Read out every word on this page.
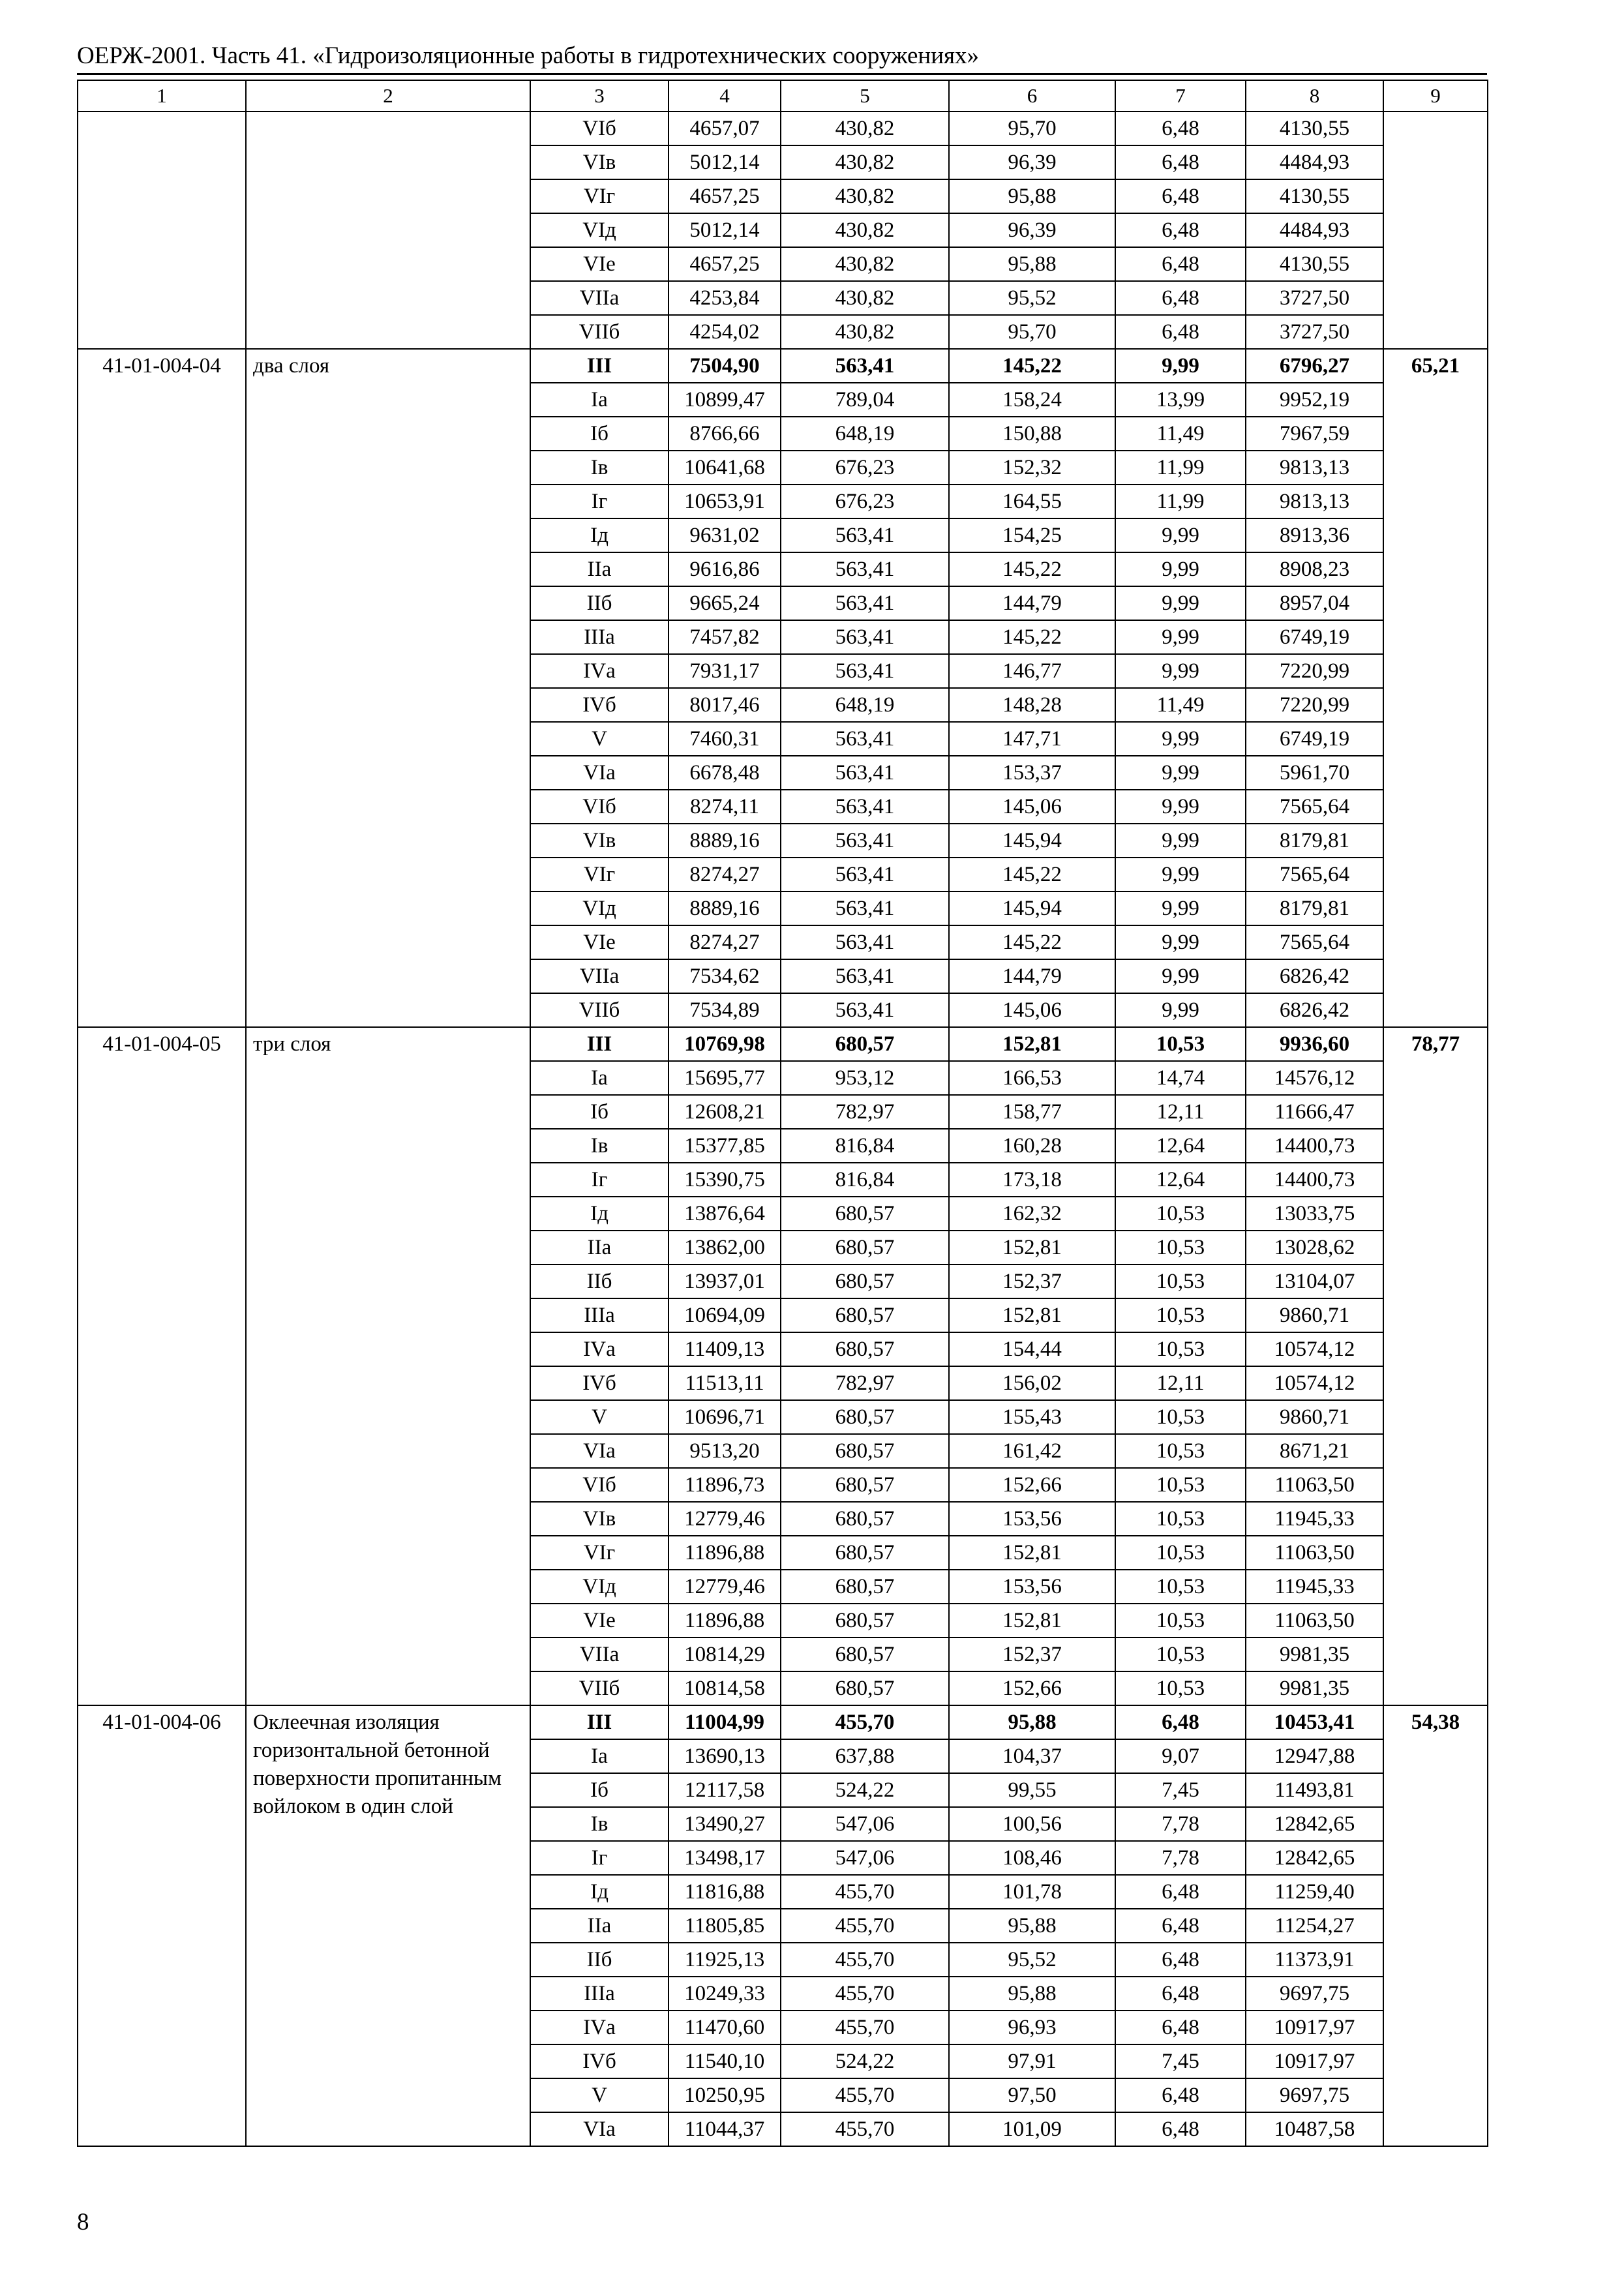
ОЕРЖ-2001. Часть 41. «Гидроизоляционные работы в гидротехнических сооружениях»
1	2	3	4	5	6	7	8	9
		VIб	4657,07	430,82	95,70	6,48	4130,55	
		VIв	5012,14	430,82	96,39	6,48	4484,93	
		VIг	4657,25	430,82	95,88	6,48	4130,55	
		VIд	5012,14	430,82	96,39	6,48	4484,93	
		VIе	4657,25	430,82	95,88	6,48	4130,55	
		VIIа	4253,84	430,82	95,52	6,48	3727,50	
		VIIб	4254,02	430,82	95,70	6,48	3727,50	
41-01-004-04	два слоя	III	7504,90	563,41	145,22	9,99	6796,27	65,21
		Iа	10899,47	789,04	158,24	13,99	9952,19	
		Iб	8766,66	648,19	150,88	11,49	7967,59	
		Iв	10641,68	676,23	152,32	11,99	9813,13	
		Iг	10653,91	676,23	164,55	11,99	9813,13	
		Iд	9631,02	563,41	154,25	9,99	8913,36	
		IIа	9616,86	563,41	145,22	9,99	8908,23	
		IIб	9665,24	563,41	144,79	9,99	8957,04	
		IIIа	7457,82	563,41	145,22	9,99	6749,19	
		IVа	7931,17	563,41	146,77	9,99	7220,99	
		IVб	8017,46	648,19	148,28	11,49	7220,99	
		V	7460,31	563,41	147,71	9,99	6749,19	
		VIа	6678,48	563,41	153,37	9,99	5961,70	
		VIб	8274,11	563,41	145,06	9,99	7565,64	
		VIв	8889,16	563,41	145,94	9,99	8179,81	
		VIг	8274,27	563,41	145,22	9,99	7565,64	
		VIд	8889,16	563,41	145,94	9,99	8179,81	
		VIе	8274,27	563,41	145,22	9,99	7565,64	
		VIIа	7534,62	563,41	144,79	9,99	6826,42	
		VIIб	7534,89	563,41	145,06	9,99	6826,42	
41-01-004-05	три слоя	III	10769,98	680,57	152,81	10,53	9936,60	78,77
		Iа	15695,77	953,12	166,53	14,74	14576,12	
		Iб	12608,21	782,97	158,77	12,11	11666,47	
		Iв	15377,85	816,84	160,28	12,64	14400,73	
		Iг	15390,75	816,84	173,18	12,64	14400,73	
		Iд	13876,64	680,57	162,32	10,53	13033,75	
		IIа	13862,00	680,57	152,81	10,53	13028,62	
		IIб	13937,01	680,57	152,37	10,53	13104,07	
		IIIа	10694,09	680,57	152,81	10,53	9860,71	
		IVа	11409,13	680,57	154,44	10,53	10574,12	
		IVб	11513,11	782,97	156,02	12,11	10574,12	
		V	10696,71	680,57	155,43	10,53	9860,71	
		VIа	9513,20	680,57	161,42	10,53	8671,21	
		VIб	11896,73	680,57	152,66	10,53	11063,50	
		VIв	12779,46	680,57	153,56	10,53	11945,33	
		VIг	11896,88	680,57	152,81	10,53	11063,50	
		VIд	12779,46	680,57	153,56	10,53	11945,33	
		VIе	11896,88	680,57	152,81	10,53	11063,50	
		VIIа	10814,29	680,57	152,37	10,53	9981,35	
		VIIб	10814,58	680,57	152,66	10,53	9981,35	
41-01-004-06	Оклеечная изоляция горизонтальной бетонной поверхности пропитанным войлоком в один слой	III	11004,99	455,70	95,88	6,48	10453,41	54,38
		Iа	13690,13	637,88	104,37	9,07	12947,88	
		Iб	12117,58	524,22	99,55	7,45	11493,81	
		Iв	13490,27	547,06	100,56	7,78	12842,65	
		Iг	13498,17	547,06	108,46	7,78	12842,65	
		Iд	11816,88	455,70	101,78	6,48	11259,40	
		IIа	11805,85	455,70	95,88	6,48	11254,27	
		IIб	11925,13	455,70	95,52	6,48	11373,91	
		IIIа	10249,33	455,70	95,88	6,48	9697,75	
		IVа	11470,60	455,70	96,93	6,48	10917,97	
		IVб	11540,10	524,22	97,91	7,45	10917,97	
		V	10250,95	455,70	97,50	6,48	9697,75	
		VIа	11044,37	455,70	101,09	6,48	10487,58	
8
